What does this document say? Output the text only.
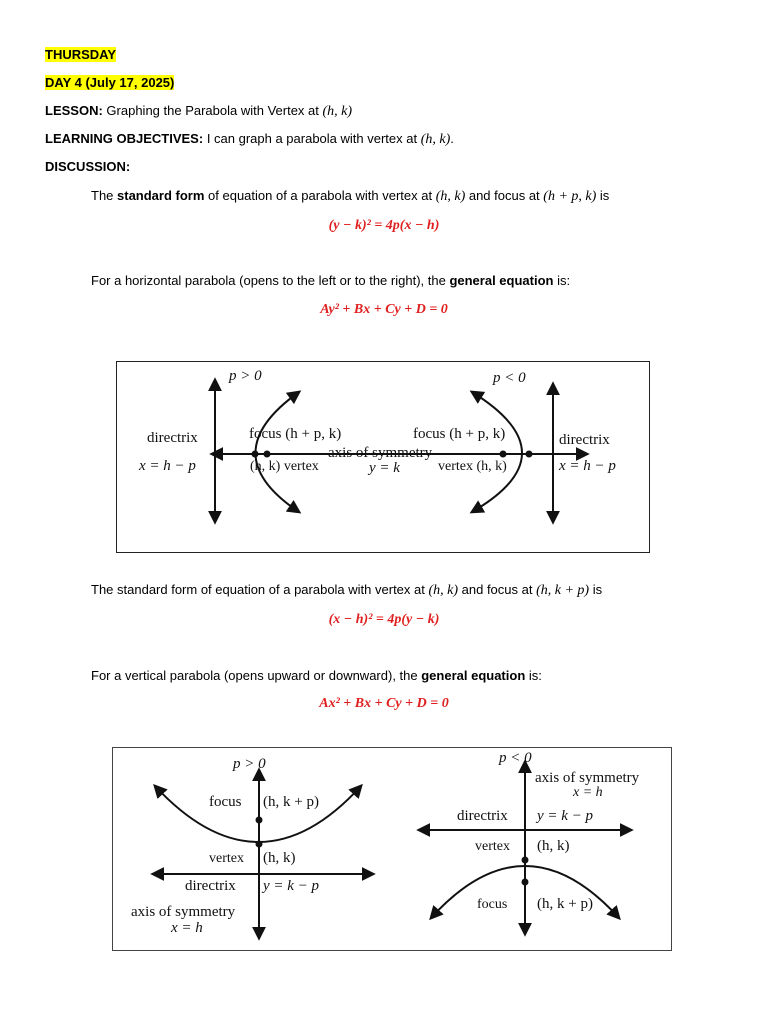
THURSDAY
DAY 4 (July 17, 2025)
LESSON: Graphing the Parabola with Vertex at (h, k)
LEARNING OBJECTIVES: I can graph a parabola with vertex at (h, k).
DISCUSSION:
The standard form of equation of a parabola with vertex at (h, k) and focus at (h + p, k) is
(y − k)² = 4p(x − h)
For a horizontal parabola (opens to the left or to the right), the general equation is:
Ay² + Bx + Cy + D = 0
p > 0
directrix
x = h − p
focus (h + p, k)
(h, k) vertex
axis of symmetry
y = k
p < 0
focus (h + p, k)
vertex (h, k)
directrix
x = h − p
The standard form of equation of a parabola with vertex at (h, k) and focus at (h, k + p) is
(x − h)² = 4p(y − k)
For a vertical parabola (opens upward or downward), the general equation is:
Ax² + Bx + Cy + D = 0
p > 0
focus (h, k + p)
vertex (h, k)
directrix y = k − p
axis of symmetry
x = h
p < 0
axis of symmetry
x = h
directrix y = k − p
vertex (h, k)
focus (h, k + p)
